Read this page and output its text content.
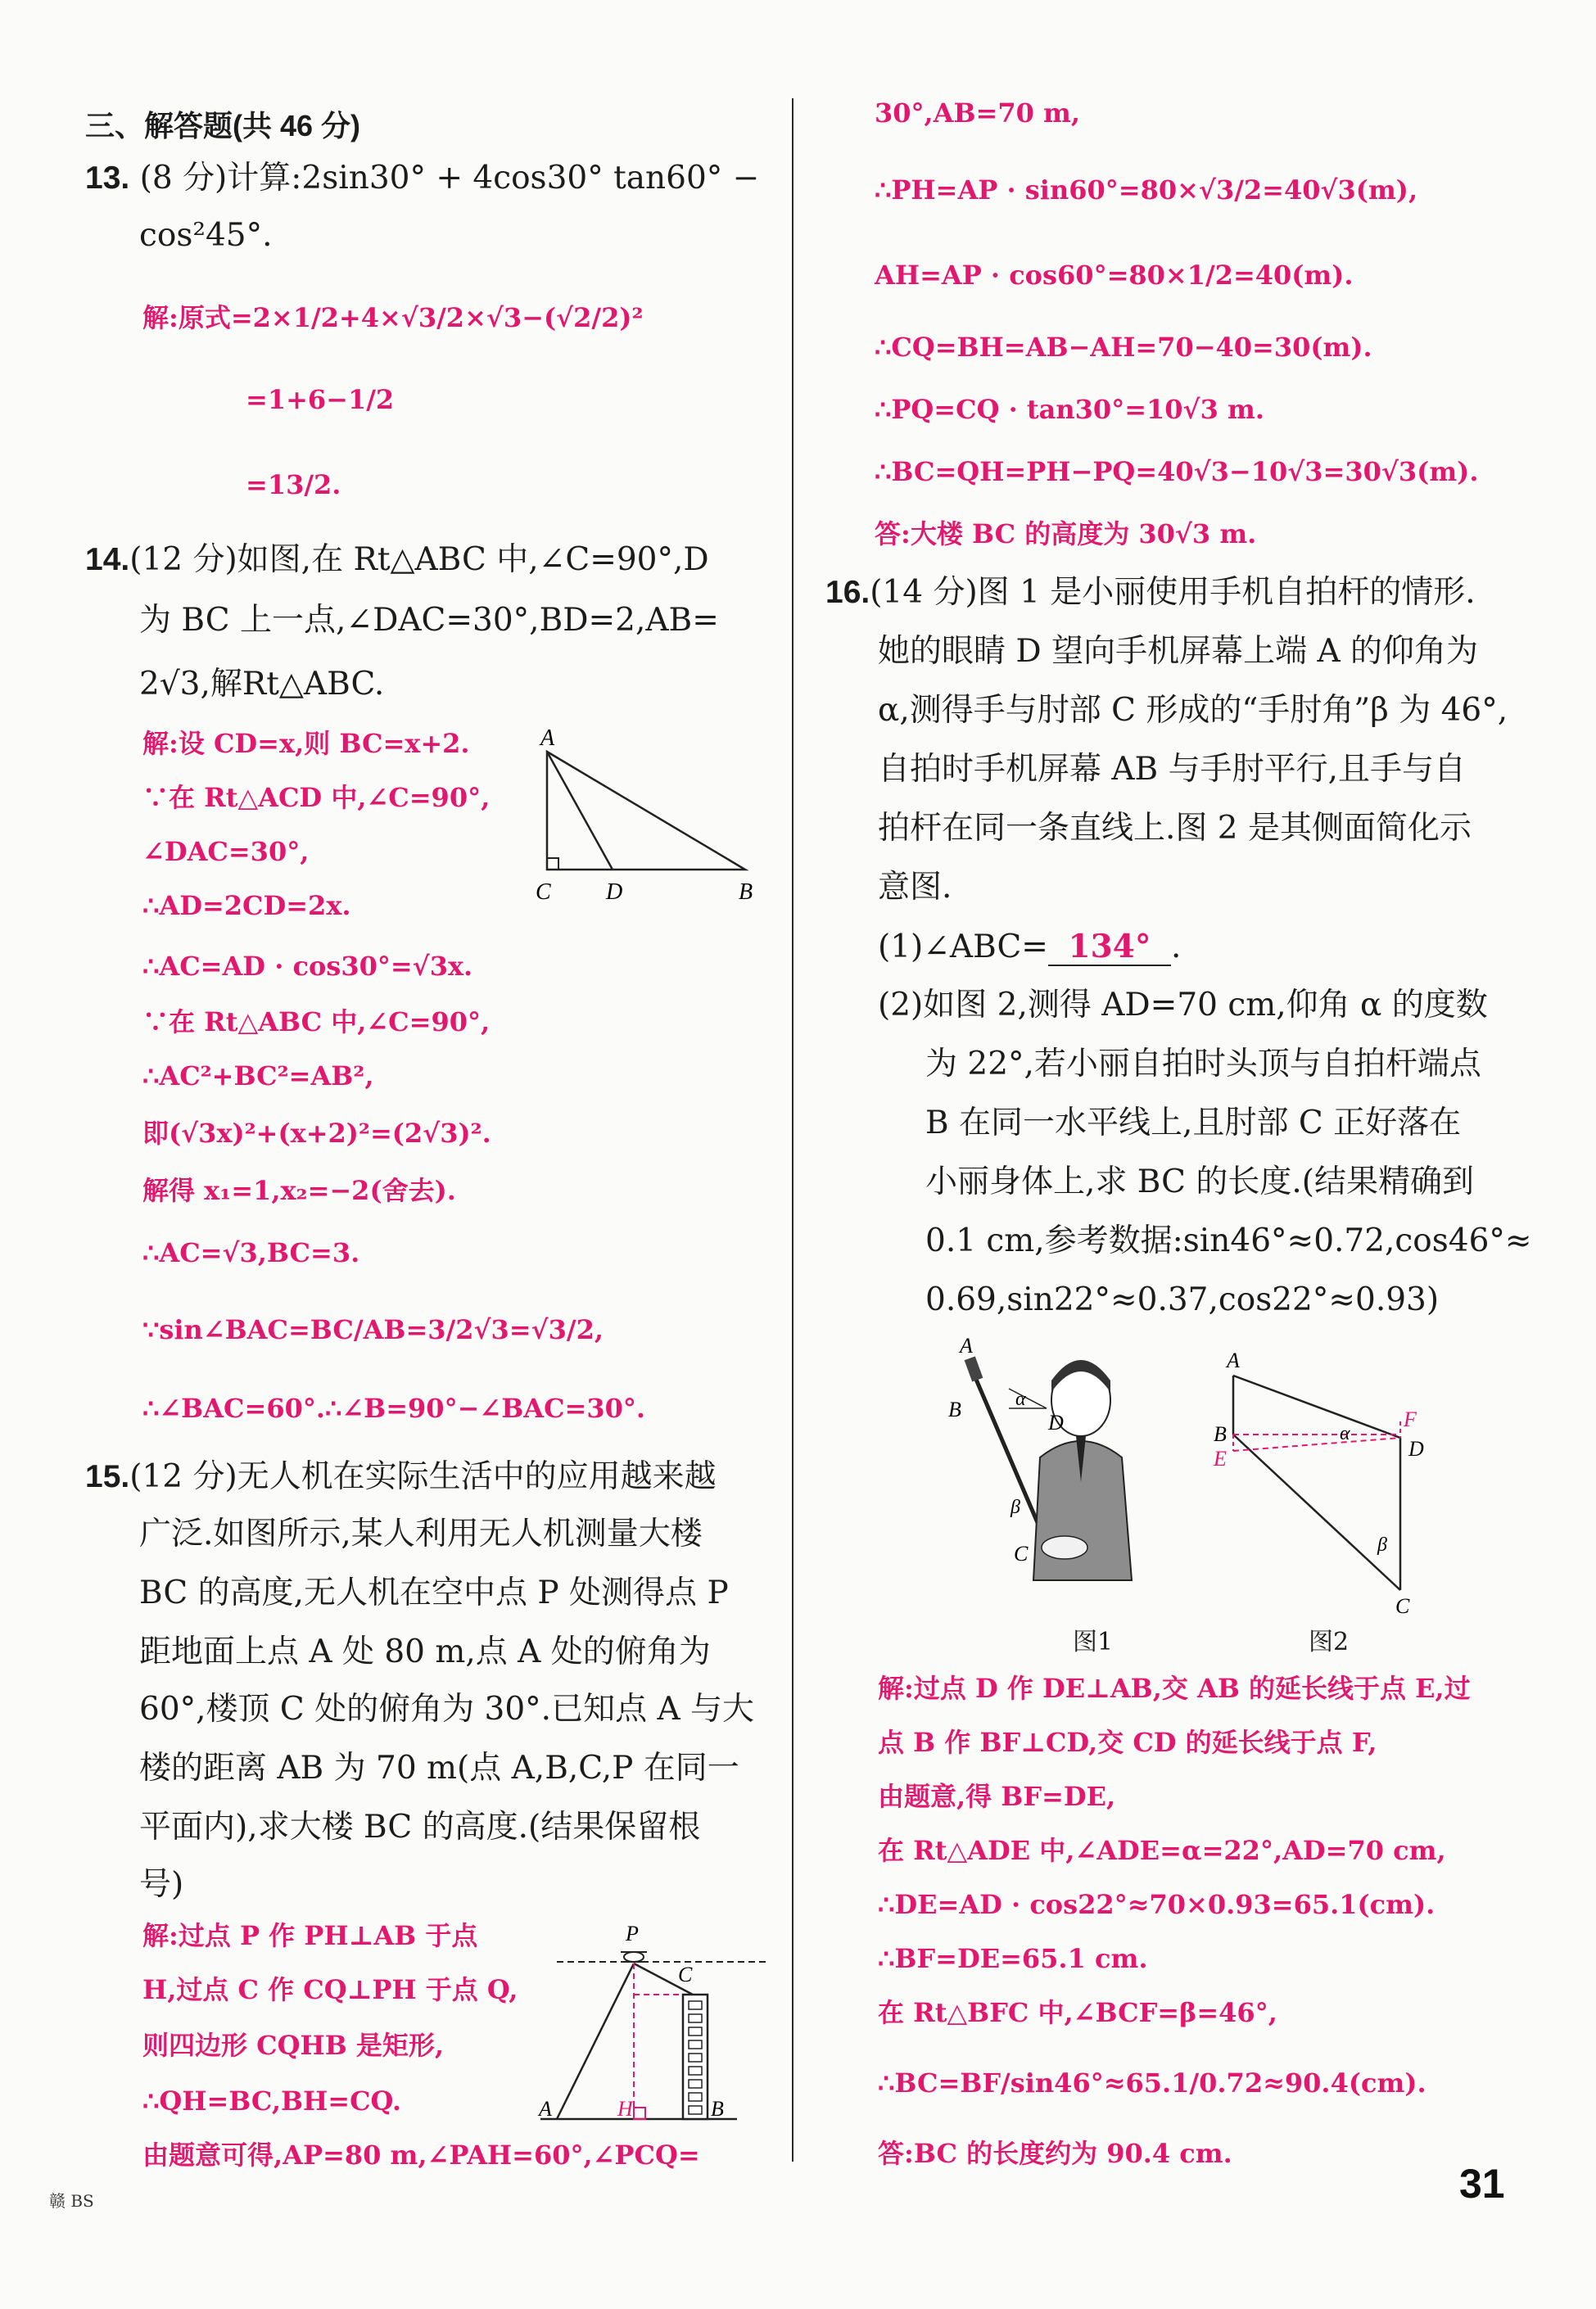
三、解答题(共 46 分)
13. (8 分)计算:2sin30° + 4cos30° tan60° −
cos²45°.
解:原式=2×1/2+4×√3/2×√3−(√2/2)²
=1+6−1/2
=13/2.
14.(12 分)如图,在 Rt△ABC 中,∠C=90°,D
为 BC 上一点,∠DAC=30°,BD=2,AB=
2√3,解Rt△ABC.
解:设 CD=x,则 BC=x+2.
∵在 Rt△ACD 中,∠C=90°,
∠DAC=30°,
∴AD=2CD=2x.
∴AC=AD · cos30°=√3x.
∵在 Rt△ABC 中,∠C=90°,
∴AC²+BC²=AB²,
即(√3x)²+(x+2)²=(2√3)².
解得 x₁=1,x₂=−2(舍去).
∴AC=√3,BC=3.
∵sin∠BAC=BC/AB=3/2√3=√3/2,
∴∠BAC=60°.∴∠B=90°−∠BAC=30°.
A
C D	B
15.(12 分)无人机在实际生活中的应用越来越
广泛.如图所示,某人利用无人机测量大楼
BC 的高度,无人机在空中点 P 处测得点 P
距地面上点 A 处 80 m,点 A 处的俯角为
60°,楼顶 C 处的俯角为 30°.已知点 A 与大
楼的距离 AB 为 70 m(点 A,B,C,P 在同一
平面内),求大楼 BC 的高度.(结果保留根
号)
解:过点 P 作 PH⊥AB 于点
H,过点 C 作 CQ⊥PH 于点 Q,
则四边形 CQHB 是矩形,
∴QH=BC,BH=CQ.
由题意可得,AP=80 m,∠PAH=60°,∠PCQ=
P
C
A	H	B
30°,AB=70 m,
∴PH=AP · sin60°=80×√3/2=40√3(m),
AH=AP · cos60°=80×1/2=40(m).
∴CQ=BH=AB−AH=70−40=30(m).
∴PQ=CQ · tan30°=10√3 m.
∴BC=QH=PH−PQ=40√3−10√3=30√3(m).
答:大楼 BC 的高度为 30√3 m.
16.(14 分)图 1 是小丽使用手机自拍杆的情形.
她的眼睛 D 望向手机屏幕上端 A 的仰角为
α,测得手与肘部 C 形成的“手肘角”β 为 46°,
自拍时手机屏幕 AB 与手肘平行,且手与自
拍杆在同一条直线上.图 2 是其侧面简化示
意图.
(1)∠ABC= 134° .
(2)如图 2,测得 AD=70 cm,仰角 α 的度数
为 22°,若小丽自拍时头顶与自拍杆端点
B 在同一水平线上,且肘部 C 正好落在
小丽身体上,求 BC 的长度.(结果精确到
0.1 cm,参考数据:sin46°≈0.72,cos46°≈
0.69,sin22°≈0.37,cos22°≈0.93)
A
B	α
D
β
C
A
B
E
F
D
α
β
C
图1	图2
解:过点 D 作 DE⊥AB,交 AB 的延长线于点 E,过
点 B 作 BF⊥CD,交 CD 的延长线于点 F,
由题意,得 BF=DE,
在 Rt△ADE 中,∠ADE=α=22°,AD=70 cm,
∴DE=AD · cos22°≈70×0.93=65.1(cm).
∴BF=DE=65.1 cm.
在 Rt△BFC 中,∠BCF=β=46°,
∴BC=BF/sin46°≈65.1/0.72≈90.4(cm).
答:BC 的长度约为 90.4 cm.
赣 BS	31
